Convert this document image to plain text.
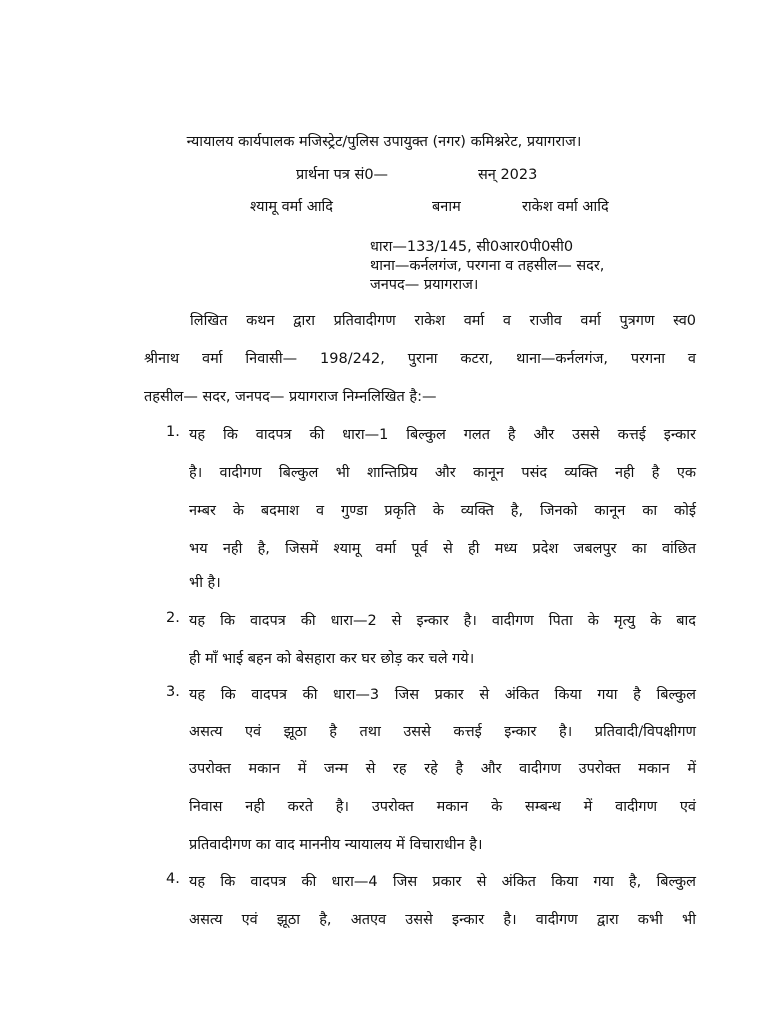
न्यायालय कार्यपालक मजिस्ट्रेट/पुलिस उपायुक्त (नगर) कमिश्नरेट, प्रयागराज।
प्रार्थना पत्र सं0—	सन् 2023
श्यामू वर्मा आदि	बनाम	राकेश वर्मा आदि
धारा—133/145, सी0आर0पी0सी0
थाना—कर्नलगंज, परगना व तहसील— सदर,
जनपद— प्रयागराज।
लिखित कथन द्वारा प्रतिवादीगण राकेश वर्मा व राजीव वर्मा पुत्रगण स्व0
श्रीनाथ वर्मा निवासी— 198/242, पुराना कटरा, थाना—कर्नलगंज, परगना व
तहसील— सदर, जनपद— प्रयागराज निम्नलिखित है:—
1. यह कि वादपत्र की धारा—1 बिल्कुल गलत है और उससे कत्तई इन्कार
है। वादीगण बिल्कुल भी शान्तिप्रिय और कानून पसंद व्यक्ति नही है एक
नम्बर के बदमाश व गुण्डा प्रकृति के व्यक्ति है, जिनको कानून का कोई
भय नही है, जिसमें श्यामू वर्मा पूर्व से ही मध्य प्रदेश जबलपुर का वांछित
भी है।
2. यह कि वादपत्र की धारा—2 से इन्कार है। वादीगण पिता के मृत्यु के बाद
ही माँ भाई बहन को बेसहारा कर घर छोड़ कर चले गये।
3. यह कि वादपत्र की धारा—3 जिस प्रकार से अंकित किया गया है बिल्कुल
असत्य एवं झूठा है तथा उससे कत्तई इन्कार है। प्रतिवादी/विपक्षीगण
उपरोक्त मकान में जन्म से रह रहे है और वादीगण उपरोक्त मकान में
निवास नही करते है। उपरोक्त मकान के सम्बन्ध में वादीगण एवं
प्रतिवादीगण का वाद माननीय न्यायालय में विचाराधीन है।
4. यह कि वादपत्र की धारा—4 जिस प्रकार से अंकित किया गया है, बिल्कुल
असत्य एवं झूठा है, अतएव उससे इन्कार है। वादीगण द्वारा कभी भी
